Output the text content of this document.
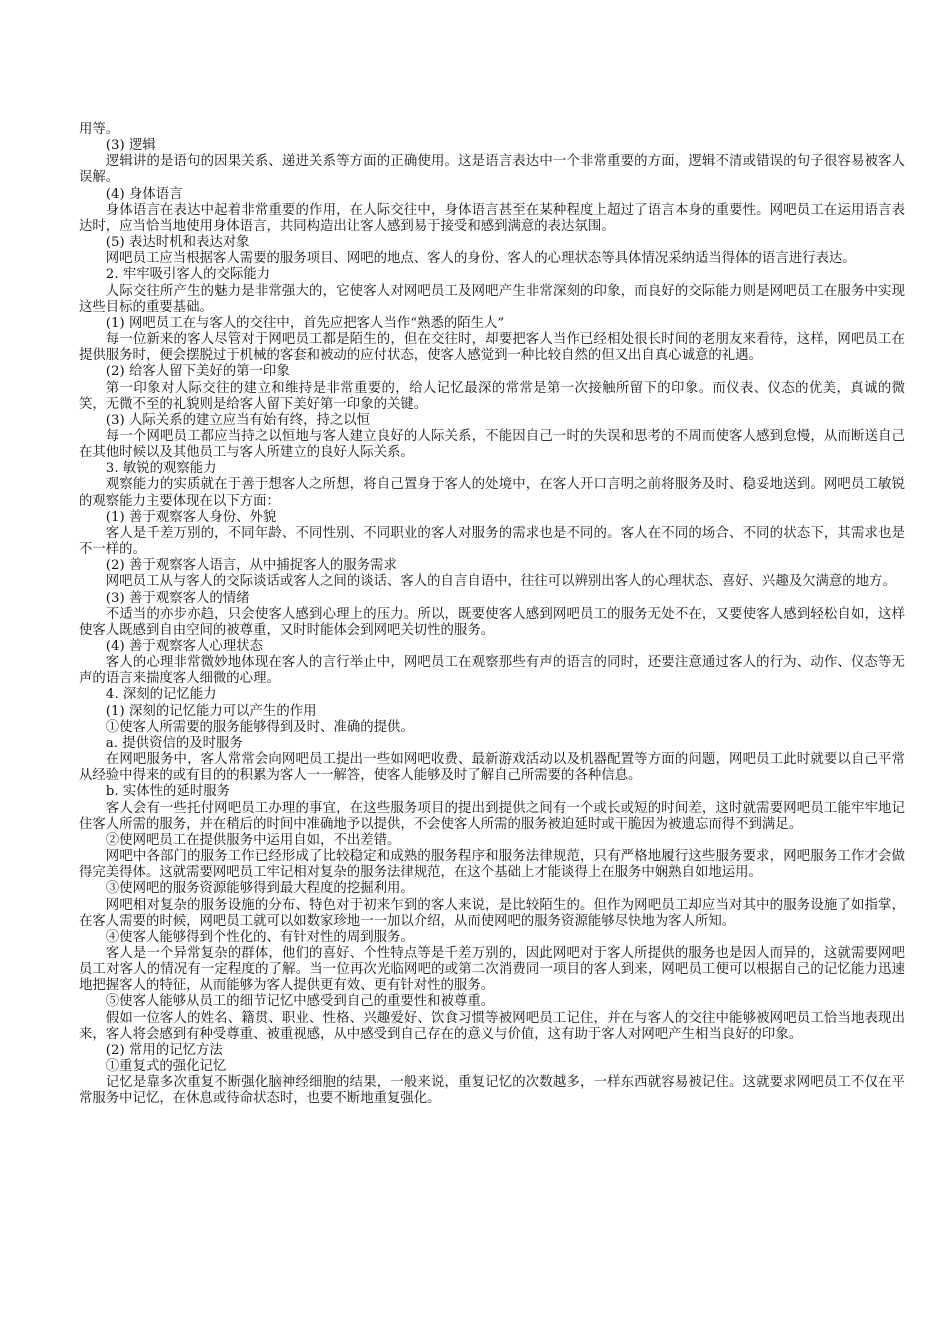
用等。

(3) 逻辑

逻辑讲的是语句的因果关系、递进关系等方面的正确使用。这是语言表达中一个非常重要的方面，逻辑不清或错误的句子很容易被客人误解。

(4) 身体语言

身体语言在表达中起着非常重要的作用，在人际交往中，身体语言甚至在某种程度上超过了语言本身的重要性。网吧员工在运用语言表达时，应当恰当地使用身体语言，共同构造出让客人感到易于接受和感到满意的表达氛围。

(5) 表达时机和表达对象

网吧员工应当根据客人需要的服务项目、网吧的地点、客人的身份、客人的心理状态等具体情况采纳适当得体的语言进行表达。

2. 牢牢吸引客人的交际能力

人际交往所产生的魅力是非常强大的，它使客人对网吧员工及网吧产生非常深刻的印象，而良好的交际能力则是网吧员工在服务中实现这些目标的重要基础。

(1) 网吧员工在与客人的交往中，首先应把客人当作“熟悉的陌生人”

每一位新来的客人尽管对于网吧员工都是陌生的，但在交往时，却要把客人当作已经相处很长时间的老朋友来看待，这样，网吧员工在提供服务时，便会摆脱过于机械的客套和被动的应付状态，使客人感觉到一种比较自然的但又出自真心诚意的礼遇。

(2) 给客人留下美好的第一印象

第一印象对人际交往的建立和维持是非常重要的，给人记忆最深的常常是第一次接触所留下的印象。而仪表、仪态的优美，真诚的微笑，无微不至的礼貌则是给客人留下美好第一印象的关键。

(3) 人际关系的建立应当有始有终，持之以恒

每一个网吧员工都应当持之以恒地与客人建立良好的人际关系，不能因自己一时的失误和思考的不周而使客人感到怠慢，从而断送自己在其他时候以及其他员工与客人所建立的良好人际关系。

3. 敏锐的观察能力

观察能力的实质就在于善于想客人之所想，将自己置身于客人的处境中，在客人开口言明之前将服务及时、稳妥地送到。网吧员工敏锐的观察能力主要体现在以下方面：

(1) 善于观察客人身份、外貌

客人是千差万别的，不同年龄、不同性别、不同职业的客人对服务的需求也是不同的。客人在不同的场合、不同的状态下，其需求也是不一样的。

(2) 善于观察客人语言，从中捕捉客人的服务需求

网吧员工从与客人的交际谈话或客人之间的谈话、客人的自言自语中，往往可以辨别出客人的心理状态、喜好、兴趣及欠满意的地方。

(3) 善于观察客人的情绪

不适当的亦步亦趋，只会使客人感到心理上的压力。所以，既要使客人感到网吧员工的服务无处不在，又要使客人感到轻松自如，这样使客人既感到自由空间的被尊重，又时时能体会到网吧关切性的服务。

(4) 善于观察客人心理状态

客人的心理非常微妙地体现在客人的言行举止中，网吧员工在观察那些有声的语言的同时，还要注意通过客人的行为、动作、仪态等无声的语言来揣度客人细微的心理。

4. 深刻的记忆能力

(1) 深刻的记忆能力可以产生的作用

①使客人所需要的服务能够得到及时、准确的提供。

a. 提供资信的及时服务

在网吧服务中，客人常常会向网吧员工提出一些如网吧收费、最新游戏活动以及机器配置等方面的问题，网吧员工此时就要以自己平常从经验中得来的或有目的的积累为客人一一解答，使客人能够及时了解自己所需要的各种信息。

b. 实体性的延时服务

客人会有一些托付网吧员工办理的事宜，在这些服务项目的提出到提供之间有一个或长或短的时间差，这时就需要网吧员工能牢牢地记住客人所需的服务，并在稍后的时间中准确地予以提供，不会使客人所需的服务被迫延时或干脆因为被遗忘而得不到满足。

②使网吧员工在提供服务中运用自如，不出差错。

网吧中各部门的服务工作已经形成了比较稳定和成熟的服务程序和服务法律规范，只有严格地履行这些服务要求，网吧服务工作才会做得完美得体。这就需要网吧员工牢记相对复杂的服务法律规范，在这个基础上才能谈得上在服务中娴熟自如地运用。

③使网吧的服务资源能够得到最大程度的挖掘利用。

网吧相对复杂的服务设施的分布、特色对于初来乍到的客人来说，是比较陌生的。但作为网吧员工却应当对其中的服务设施了如指掌，在客人需要的时候，网吧员工就可以如数家珍地一一加以介绍，从而使网吧的服务资源能够尽快地为客人所知。

④使客人能够得到个性化的、有针对性的周到服务。

客人是一个异常复杂的群体，他们的喜好、个性特点等是千差万别的，因此网吧对于客人所提供的服务也是因人而异的，这就需要网吧员工对客人的情况有一定程度的了解。当一位再次光临网吧的或第二次消费同一项目的客人到来，网吧员工便可以根据自己的记忆能力迅速地把握客人的特征，从而能够为客人提供更有效、更有针对性的服务。

⑤使客人能够从员工的细节记忆中感受到自己的重要性和被尊重。

假如一位客人的姓名、籍贯、职业、性格、兴趣爱好、饮食习惯等被网吧员工记住，并在与客人的交往中能够被网吧员工恰当地表现出来，客人将会感到有种受尊重、被重视感，从中感受到自己存在的意义与价值，这有助于客人对网吧产生相当良好的印象。

(2) 常用的记忆方法

①重复式的强化记忆

记忆是靠多次重复不断强化脑神经细胞的结果，一般来说，重复记忆的次数越多，一样东西就容易被记住。这就要求网吧员工不仅在平常服务中记忆，在休息或待命状态时，也要不断地重复强化。
